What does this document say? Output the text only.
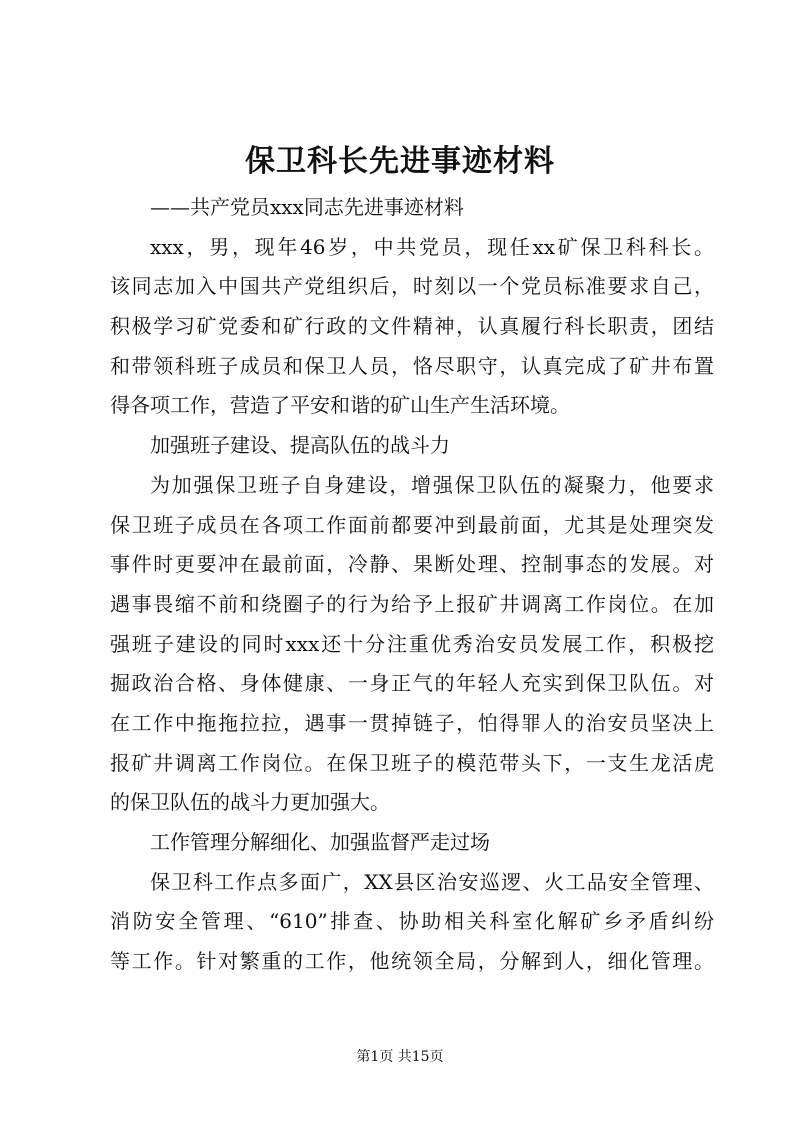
保卫科长先进事迹材料
——共产党员xxx同志先进事迹材料
xxx，男，现年46岁，中共党员，现任xx矿保卫科科长。
该同志加入中国共产党组织后，时刻以一个党员标准要求自己，
积极学习矿党委和矿行政的文件精神，认真履行科长职责，团结
和带领科班子成员和保卫人员，恪尽职守，认真完成了矿井布置
得各项工作，营造了平安和谐的矿山生产生活环境。
加强班子建设、提高队伍的战斗力
为加强保卫班子自身建设，增强保卫队伍的凝聚力，他要求
保卫班子成员在各项工作面前都要冲到最前面，尤其是处理突发
事件时更要冲在最前面，冷静、果断处理、控制事态的发展。对
遇事畏缩不前和绕圈子的行为给予上报矿井调离工作岗位。在加
强班子建设的同时xxx还十分注重优秀治安员发展工作，积极挖
掘政治合格、身体健康、一身正气的年轻人充实到保卫队伍。对
在工作中拖拖拉拉，遇事一贯掉链子，怕得罪人的治安员坚决上
报矿井调离工作岗位。在保卫班子的模范带头下，一支生龙活虎
的保卫队伍的战斗力更加强大。
工作管理分解细化、加强监督严走过场
保卫科工作点多面广，XX县区治安巡逻、火工品安全管理、
消防安全管理、“610”排查、协助相关科室化解矿乡矛盾纠纷
等工作。针对繁重的工作，他统领全局，分解到人，细化管理。
第1页 共15页
